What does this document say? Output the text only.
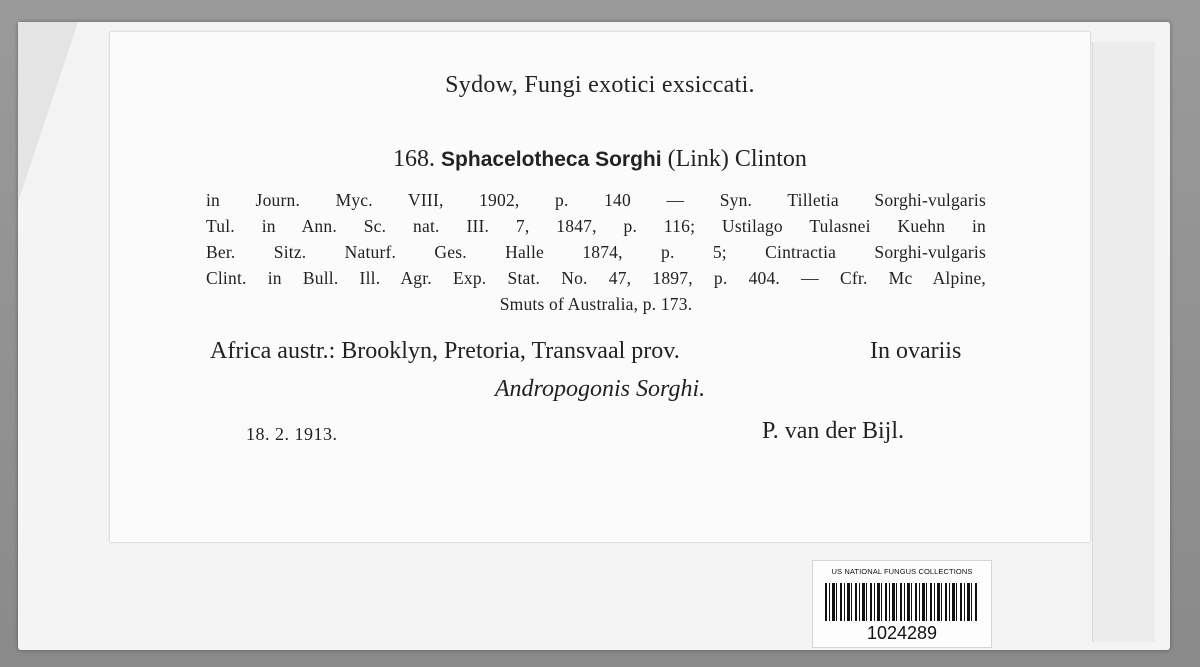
Sydow, Fungi exotici exsiccati.
168. Sphacelotheca Sorghi (Link) Clinton
in Journ. Myc. VIII, 1902, p. 140 — Syn. Tilletia Sorghi-vulgaris
Tul. in Ann. Sc. nat. III. 7, 1847, p. 116; Ustilago Tulasnei Kuehn in
Ber. Sitz. Naturf. Ges. Halle 1874, p. 5; Cintractia Sorghi-vulgaris
Clint. in Bull. Ill. Agr. Exp. Stat. No. 47, 1897, p. 404. — Cfr. Mc Alpine,
Smuts of Australia, p. 173.
Africa austr.: Brooklyn, Pretoria, Transvaal prov.	In ovariis
Andropogonis Sorghi.
18. 2. 1913.	P. van der Bijl.
US NATIONAL FUNGUS COLLECTIONS
1024289
